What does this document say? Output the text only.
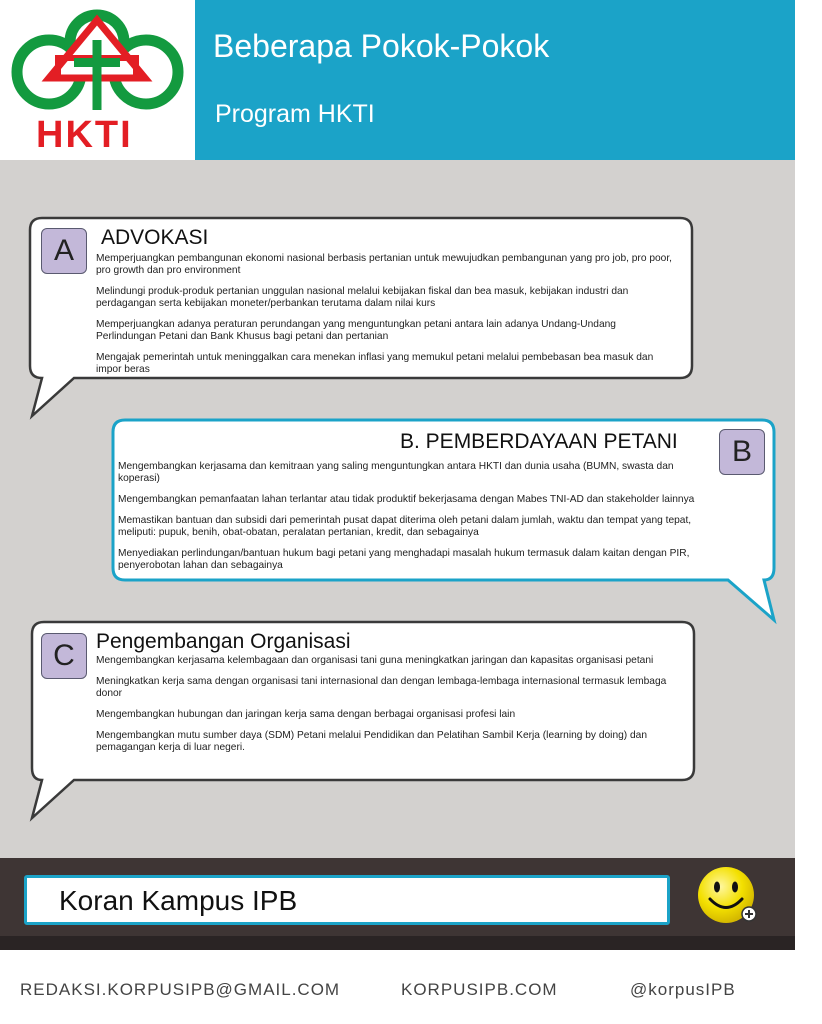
HKTI
Beberapa Pokok-Pokok
Program HKTI
A	ADVOKASI
Memperjuangkan pembangunan ekonomi nasional berbasis pertanian untuk mewujudkan pembangunan yang pro job, pro poor, pro growth dan pro environment
Melindungi produk-produk pertanian unggulan nasional melalui kebijakan fiskal dan bea masuk, kebijakan industri dan perdagangan serta kebijakan moneter/perbankan terutama dalam nilai kurs
Memperjuangkan adanya peraturan perundangan yang menguntungkan petani antara lain adanya Undang-Undang Perlindungan Petani dan Bank Khusus bagi petani dan pertanian
Mengajak pemerintah untuk meninggalkan cara menekan inflasi yang memukul petani melalui pembebasan bea masuk dan impor beras
B
B. PEMBERDAYAAN PETANI
Mengembangkan kerjasama dan kemitraan yang saling menguntungkan antara HKTI dan dunia usaha (BUMN, swasta dan koperasi)
Mengembangkan pemanfaatan lahan terlantar atau tidak produktif bekerjasama dengan Mabes TNI-AD dan stakeholder lainnya
Memastikan bantuan dan subsidi dari pemerintah pusat dapat diterima oleh petani dalam jumlah, waktu dan tempat yang tepat, meliputi: pupuk, benih, obat-obatan, peralatan pertanian, kredit, dan sebagainya
Menyediakan perlindungan/bantuan hukum bagi petani yang menghadapi masalah hukum termasuk dalam kaitan dengan PIR, penyerobotan lahan dan sebagainya
C	Pengembangan Organisasi
Mengembangkan kerjasama kelembagaan dan organisasi tani guna meningkatkan jaringan dan kapasitas organisasi petani
Meningkatkan kerja sama dengan organisasi tani internasional dan dengan lembaga-lembaga internasional termasuk lembaga donor
Mengembangkan hubungan dan jaringan kerja sama dengan berbagai organisasi profesi lain
Mengembangkan mutu sumber daya (SDM) Petani melalui Pendidikan dan Pelatihan Sambil Kerja (learning by doing) dan pemagangan kerja di luar negeri.
Koran Kampus IPB
REDAKSI.KORPUSIPB@GMAIL.COM	KORPUSIPB.COM	@korpusIPB
